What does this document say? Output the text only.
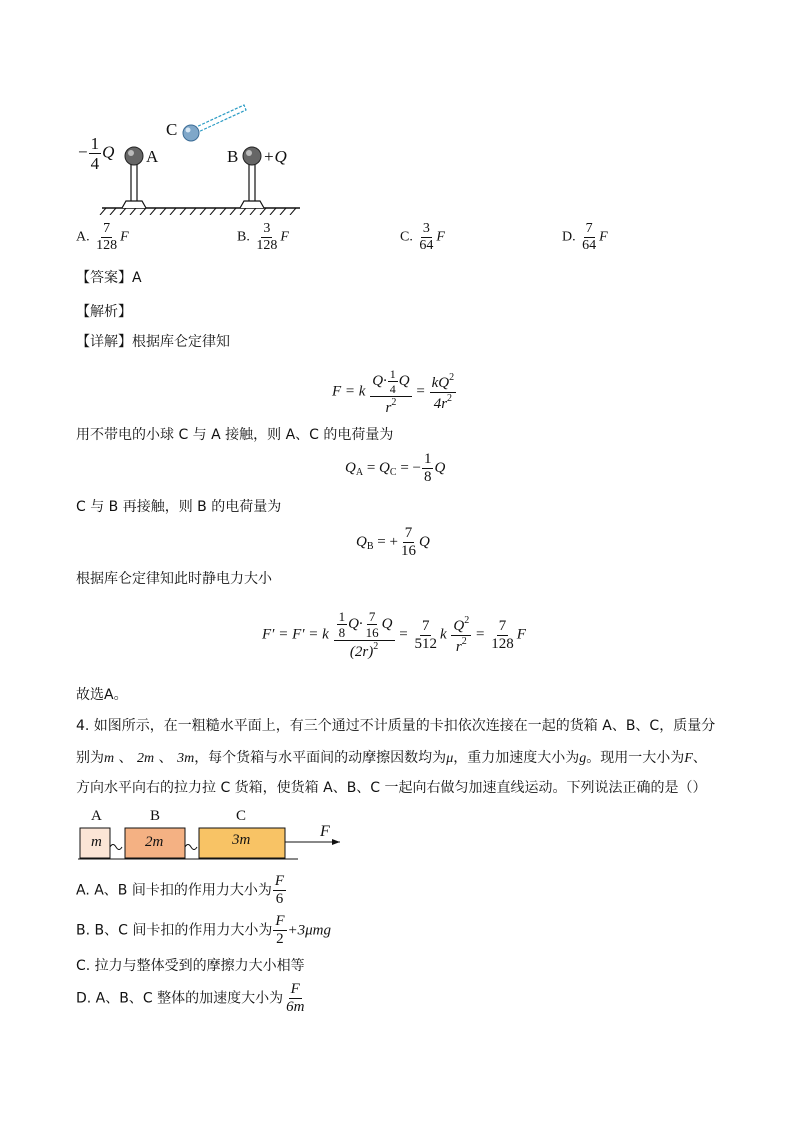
C
A	B
− $\frac{1}{4}$ Q	+Q
A. $\frac{7}{128}$ F	B. $\frac{3}{128}$ F	C. $\frac{3}{64}$ F	D. $\frac{7}{64}$ F
【答案】A
【解析】
【详解】根据库仑定律知
F = k $\frac{Q\cdot \frac{1}{4} Q}{r^2} = \frac{kQ^2}{4r^2}$
用不带电的小球 C 与 A 接触，则 A、C 的电荷量为
$Q_A = Q_C$ = − $\frac{1}{8}$ Q
C 与 B 再接触，则 B 的电荷量为
$Q_B$ = + $\frac{7}{16}$ Q
根据库仑定律知此时静电力大小
F′ = F′ = k $\frac{\frac{1}{8} Q\cdot \frac{7}{16} Q}{(2r)^2} = \frac{7}{512}$ k $\frac{Q^2}{r^2} = \frac{7}{128}$ F
故选A。
4. 如图所示，在一粗糙水平面上，有三个通过不计质量的卡扣依次连接在一起的货箱 A、B、C，质量分
别为m 、 2m 、 3m，每个货箱与水平面间的动摩擦因数均为μ，重力加速度大小为g。现用一大小为F、
方向水平向右的拉力拉 C 货箱，使货箱 A、B、C 一起向右做匀加速直线运动。下列说法正确的是（）
A	B	C
m	2m	3m	F
A. A、B 间卡扣的作用力大小为 $\frac{F}{6}$
B. B、C 间卡扣的作用力大小为 $\frac{F}{2} +3\mu mg$
C. 拉力与整体受到的摩擦力大小相等
D. A、B、C 整体的加速度大小为 $\frac{F}{6m}$
